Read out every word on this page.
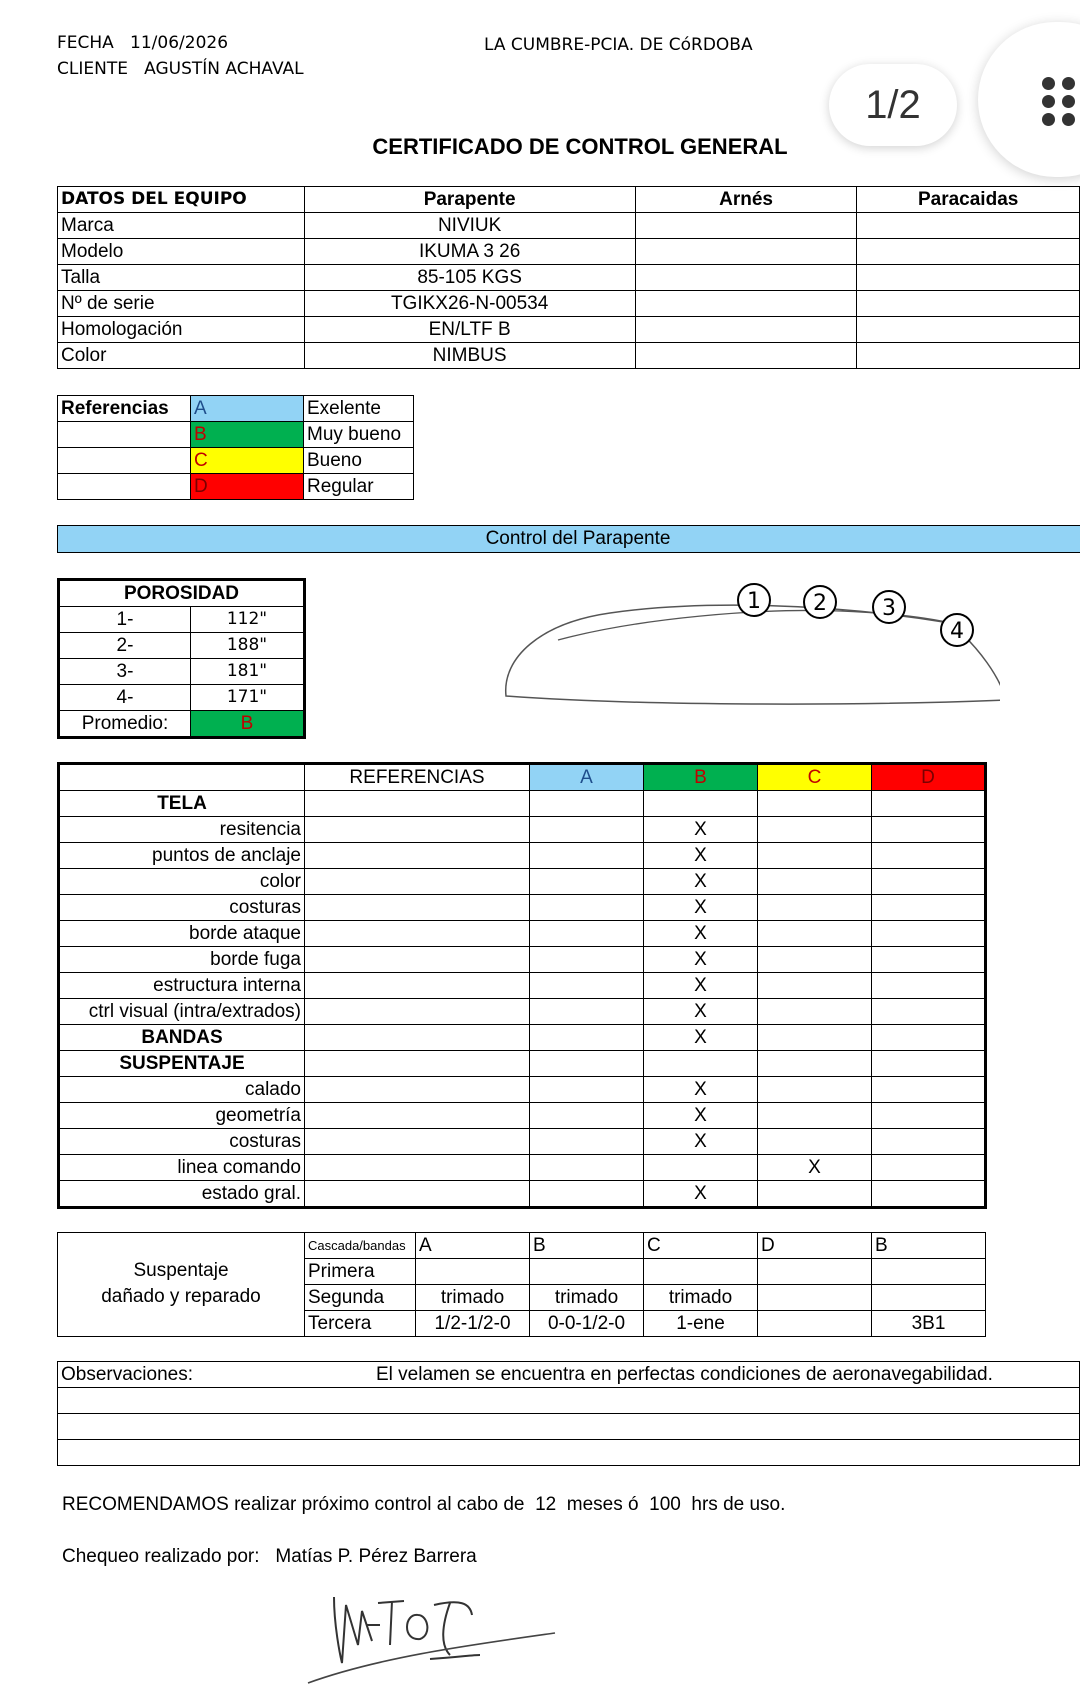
FECHA 11/06/2026
CLIENTE AGUSTÍN ACHAVAL
LA CUMBRE-PCIA. DE CóRDOBA
1/2
CERTIFICADO DE CONTROL GENERAL
DATOS DEL EQUIPO	Parapente	Arnés	Paracaidas
Marca	NIVIUK		
Modelo	IKUMA 3 26		
Talla	85-105 KGS		
Nº de serie	TGIKX26-N-00534		
Homologación	EN/LTF B		
Color	NIMBUS		
Referencias	A	Exelente
	B	Muy bueno
	C	Bueno
	D	Regular
Control del Parapente
POROSIDAD	
1-	112"
2-	188"
3-	181"
4-	171"
Promedio:	B
1 2	3
4
	REFERENCIAS	A	B	C	D
TELA					
resitencia			X		
puntos de anclaje			X		
color			X		
costuras			X		
borde ataque			X		
borde fuga			X		
estructura interna			X		
ctrl visual (intra/extrados)			X		
BANDAS			X		
SUSPENTAJE					
calado			X		
geometría			X		
costuras			X		
linea comando				X	
estado gral.			X		
Suspentaje
dañado y reparado
Cascada/bandas	A	B	C	D	B
Primera					
Segunda	trimado	trimado	trimado		
Tercera	1/2-1/2-0	0-0-1/2-0	1-ene		3B1
Observaciones:	El velamen se encuentra en perfectas condiciones de aeronavegabilidad.

RECOMENDAMOS realizar próximo control al cabo de 12 meses ó 100 hrs de uso.
Chequeo realizado por: Matías P. Pérez Barrera
